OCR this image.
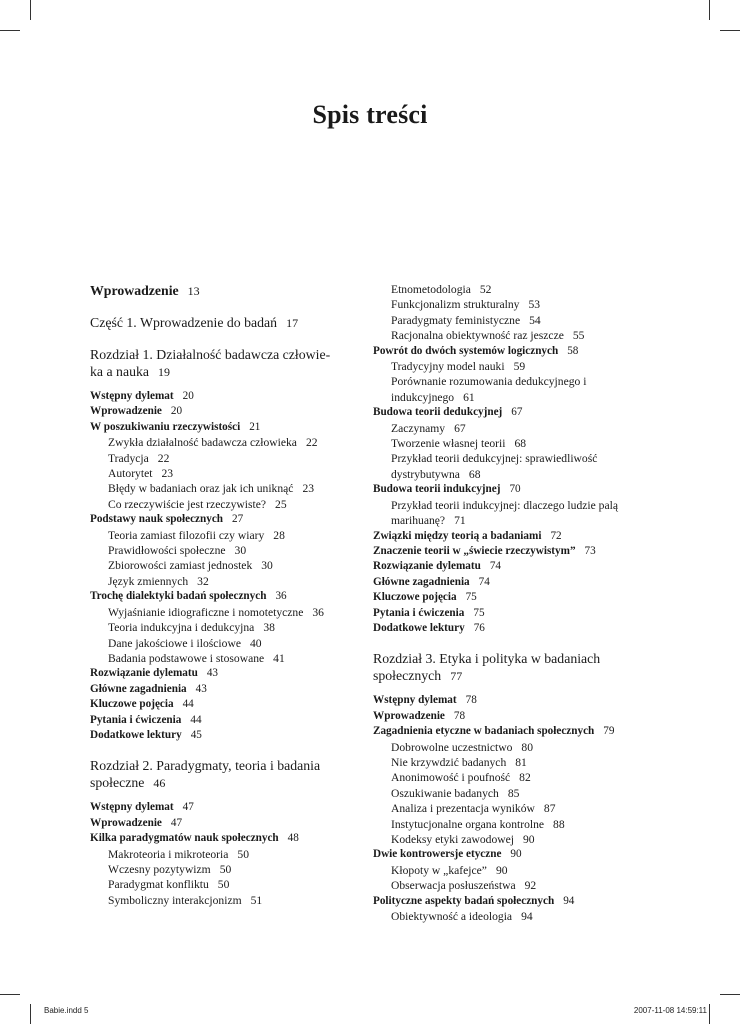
Spis treści

Wprowadzenie 13

Część 1. Wprowadzenie do badań 17

Rozdział 1. Działalność badawcza człowie-
ka a nauka 19

Wstępny dylemat 20

Wprowadzenie 20

W poszukiwaniu rzeczywistości 21

Zwykła działalność badawcza człowieka 22

Tradycja 22

Autorytet 23

Błędy w badaniach oraz jak ich uniknąć 23

Co rzeczywiście jest rzeczywiste? 25

Podstawy nauk społecznych 27

Teoria zamiast filozofii czy wiary 28

Prawidłowości społeczne 30

Zbiorowości zamiast jednostek 30

Język zmiennych 32

Trochę dialektyki badań społecznych 36

Wyjaśnianie idiograficzne i nomotetyczne 36

Teoria indukcyjna i dedukcyjna 38

Dane jakościowe i ilościowe 40

Badania podstawowe i stosowane 41

Rozwiązanie dylematu 43

Główne zagadnienia 43

Kluczowe pojęcia 44

Pytania i ćwiczenia 44

Dodatkowe lektury 45

Rozdział 2. Paradygmaty, teoria i badania
społeczne 46

Wstępny dylemat 47

Wprowadzenie 47

Kilka paradygmatów nauk społecznych 48

Makroteoria i mikroteoria 50

Wczesny pozytywizm 50

Paradygmat konfliktu 50

Symboliczny interakcjonizm 51

Etnometodologia 52

Funkcjonalizm strukturalny 53

Paradygmaty feministyczne 54

Racjonalna obiektywność raz jeszcze 55

Powrót do dwóch systemów logicznych 58

Tradycyjny model nauki 59

Porównanie rozumowania dedukcyjnego i indukcyjnego 61

Budowa teorii dedukcyjnej 67

Zaczynamy 67

Tworzenie własnej teorii 68

Przykład teorii dedukcyjnej: sprawiedliwość dystrybutywna 68

Budowa teorii indukcyjnej 70

Przykład teorii indukcyjnej: dlaczego ludzie palą marihuanę? 71

Związki między teorią a badaniami 72

Znaczenie teorii w „świecie rzeczywistym” 73

Rozwiązanie dylematu 74

Główne zagadnienia 74

Kluczowe pojęcia 75

Pytania i ćwiczenia 75

Dodatkowe lektury 76

Rozdział 3. Etyka i polityka w badaniach
społecznych 77

Wstępny dylemat 78

Wprowadzenie 78

Zagadnienia etyczne w badaniach społecznych 79

Dobrowolne uczestnictwo 80

Nie krzywdzić badanych 81

Anonimowość i poufność 82

Oszukiwanie badanych 85

Analiza i prezentacja wyników 87

Instytucjonalne organa kontrolne 88

Kodeksy etyki zawodowej 90

Dwie kontrowersje etyczne 90

Kłopoty w „kafejce” 90

Obserwacja posłuszeństwa 92

Polityczne aspekty badań społecznych 94

Obiektywność a ideologia 94

Babie.indd 5	2007-11-08 14:59:11
